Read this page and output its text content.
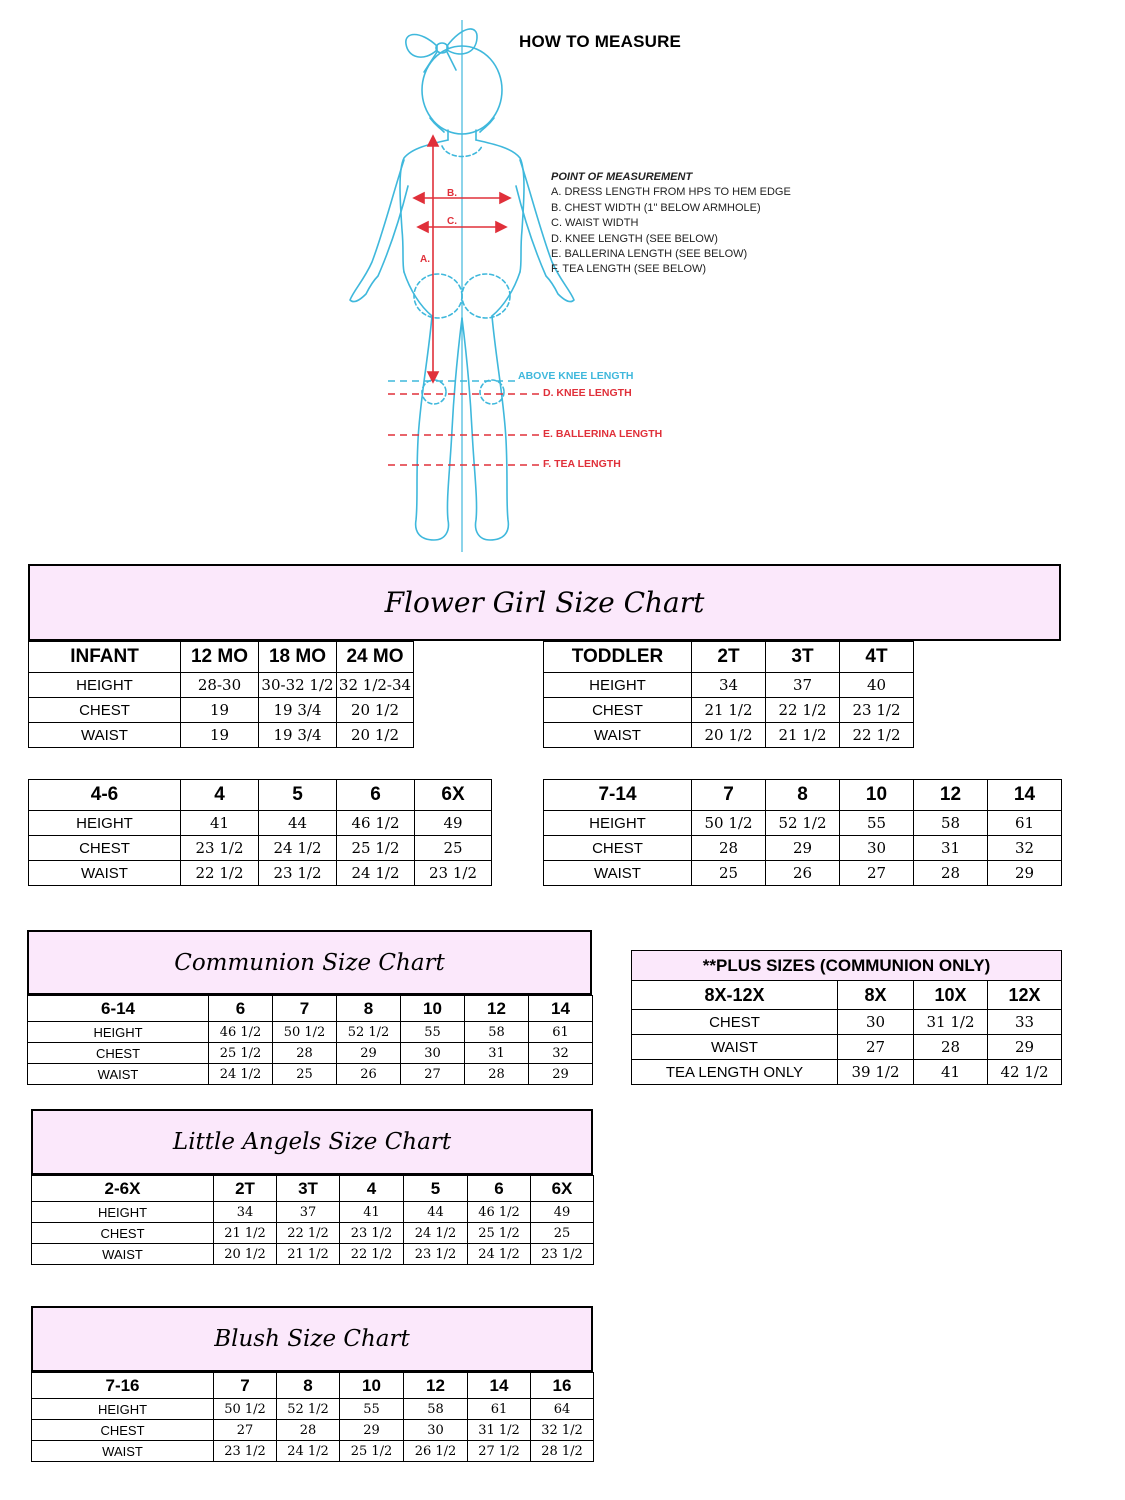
HOW TO MEASURE
B.
C.
A.
ABOVE KNEE LENGTH
D. KNEE LENGTH
E. BALLERINA LENGTH
F. TEA LENGTH
POINT OF MEASUREMENT
A. DRESS LENGTH FROM HPS TO HEM EDGE
B. CHEST WIDTH (1" BELOW ARMHOLE)
C. WAIST WIDTH
D. KNEE LENGTH (SEE BELOW)
E. BALLERINA LENGTH (SEE BELOW)
F. TEA LENGTH (SEE BELOW)
Flower Girl Size Chart
INFANT	12 MO	18 MO	24 MO
HEIGHT	28-30	30-32 1/2	32 1/2-34
CHEST	19	19 3/4	20 1/2
WAIST	19	19 3/4	20 1/2
TODDLER	2T	3T	4T
HEIGHT	34	37	40
CHEST	21 1/2	22 1/2	23 1/2
WAIST	20 1/2	21 1/2	22 1/2
4-6	4	5	6	6X
HEIGHT	41	44	46 1/2	49
CHEST	23 1/2	24 1/2	25 1/2	25
WAIST	22 1/2	23 1/2	24 1/2	23 1/2
7-14	7	8	10	12	14
HEIGHT	50 1/2	52 1/2	55	58	61
CHEST	28	29	30	31	32
WAIST	25	26	27	28	29
Communion Size Chart
6-14	6	7	8	10	12	14
HEIGHT	46 1/2	50 1/2	52 1/2	55	58	61
CHEST	25 1/2	28	29	30	31	32
WAIST	24 1/2	25	26	27	28	29
**PLUS SIZES (COMMUNION ONLY)			
8X-12X	8X	10X	12X
CHEST	30	31 1/2	33
WAIST	27	28	29
TEA LENGTH ONLY	39 1/2	41	42 1/2
Little Angels Size Chart
2-6X	2T	3T	4	5	6	6X
HEIGHT	34	37	41	44	46 1/2	49
CHEST	21 1/2	22 1/2	23 1/2	24 1/2	25 1/2	25
WAIST	20 1/2	21 1/2	22 1/2	23 1/2	24 1/2	23 1/2
Blush Size Chart
7-16	7	8	10	12	14	16
HEIGHT	50 1/2	52 1/2	55	58	61	64
CHEST	27	28	29	30	31 1/2	32 1/2
WAIST	23 1/2	24 1/2	25 1/2	26 1/2	27 1/2	28 1/2
